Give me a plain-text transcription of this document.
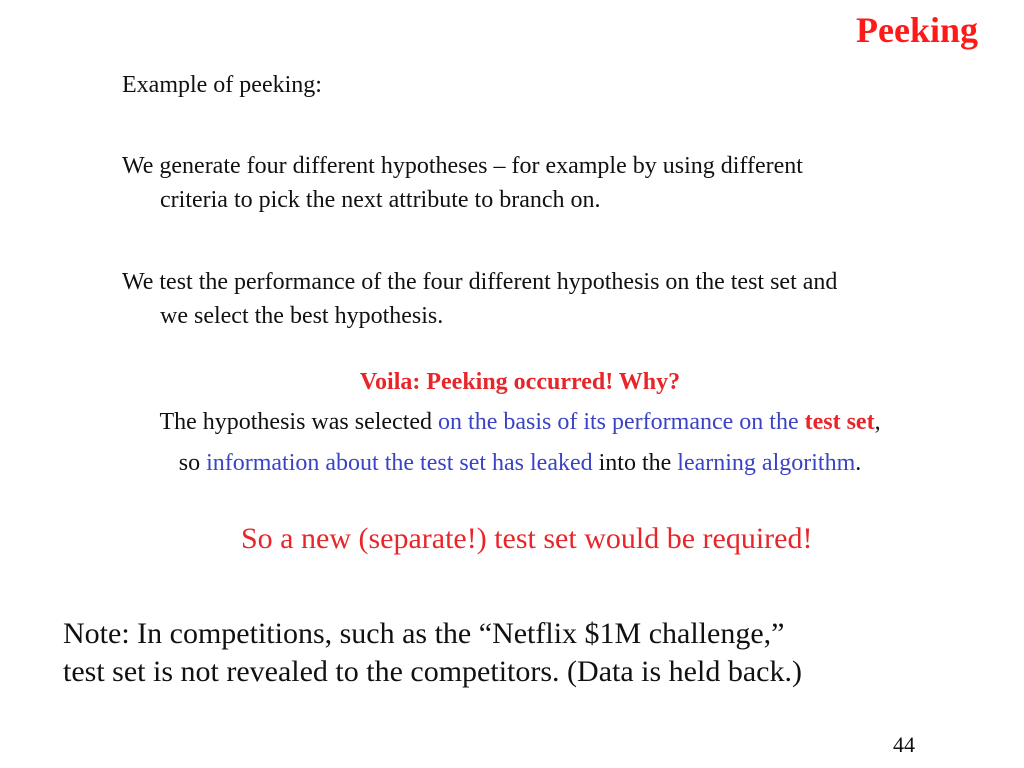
Peeking
Example of peeking:
We generate four different hypotheses – for example by using different
criteria to pick the next attribute to branch on.
We test the performance of the four different hypothesis on the test set and
we select the best hypothesis.
Voila: Peeking occurred! Why?
The hypothesis was selected on the basis of its performance on the test set,
so information about the test set has leaked into the learning algorithm.
So a new (separate!) test set would be required!
Note: In competitions, such as the “Netflix $1M challenge,”
test set is not revealed to the competitors. (Data is held back.)
44
